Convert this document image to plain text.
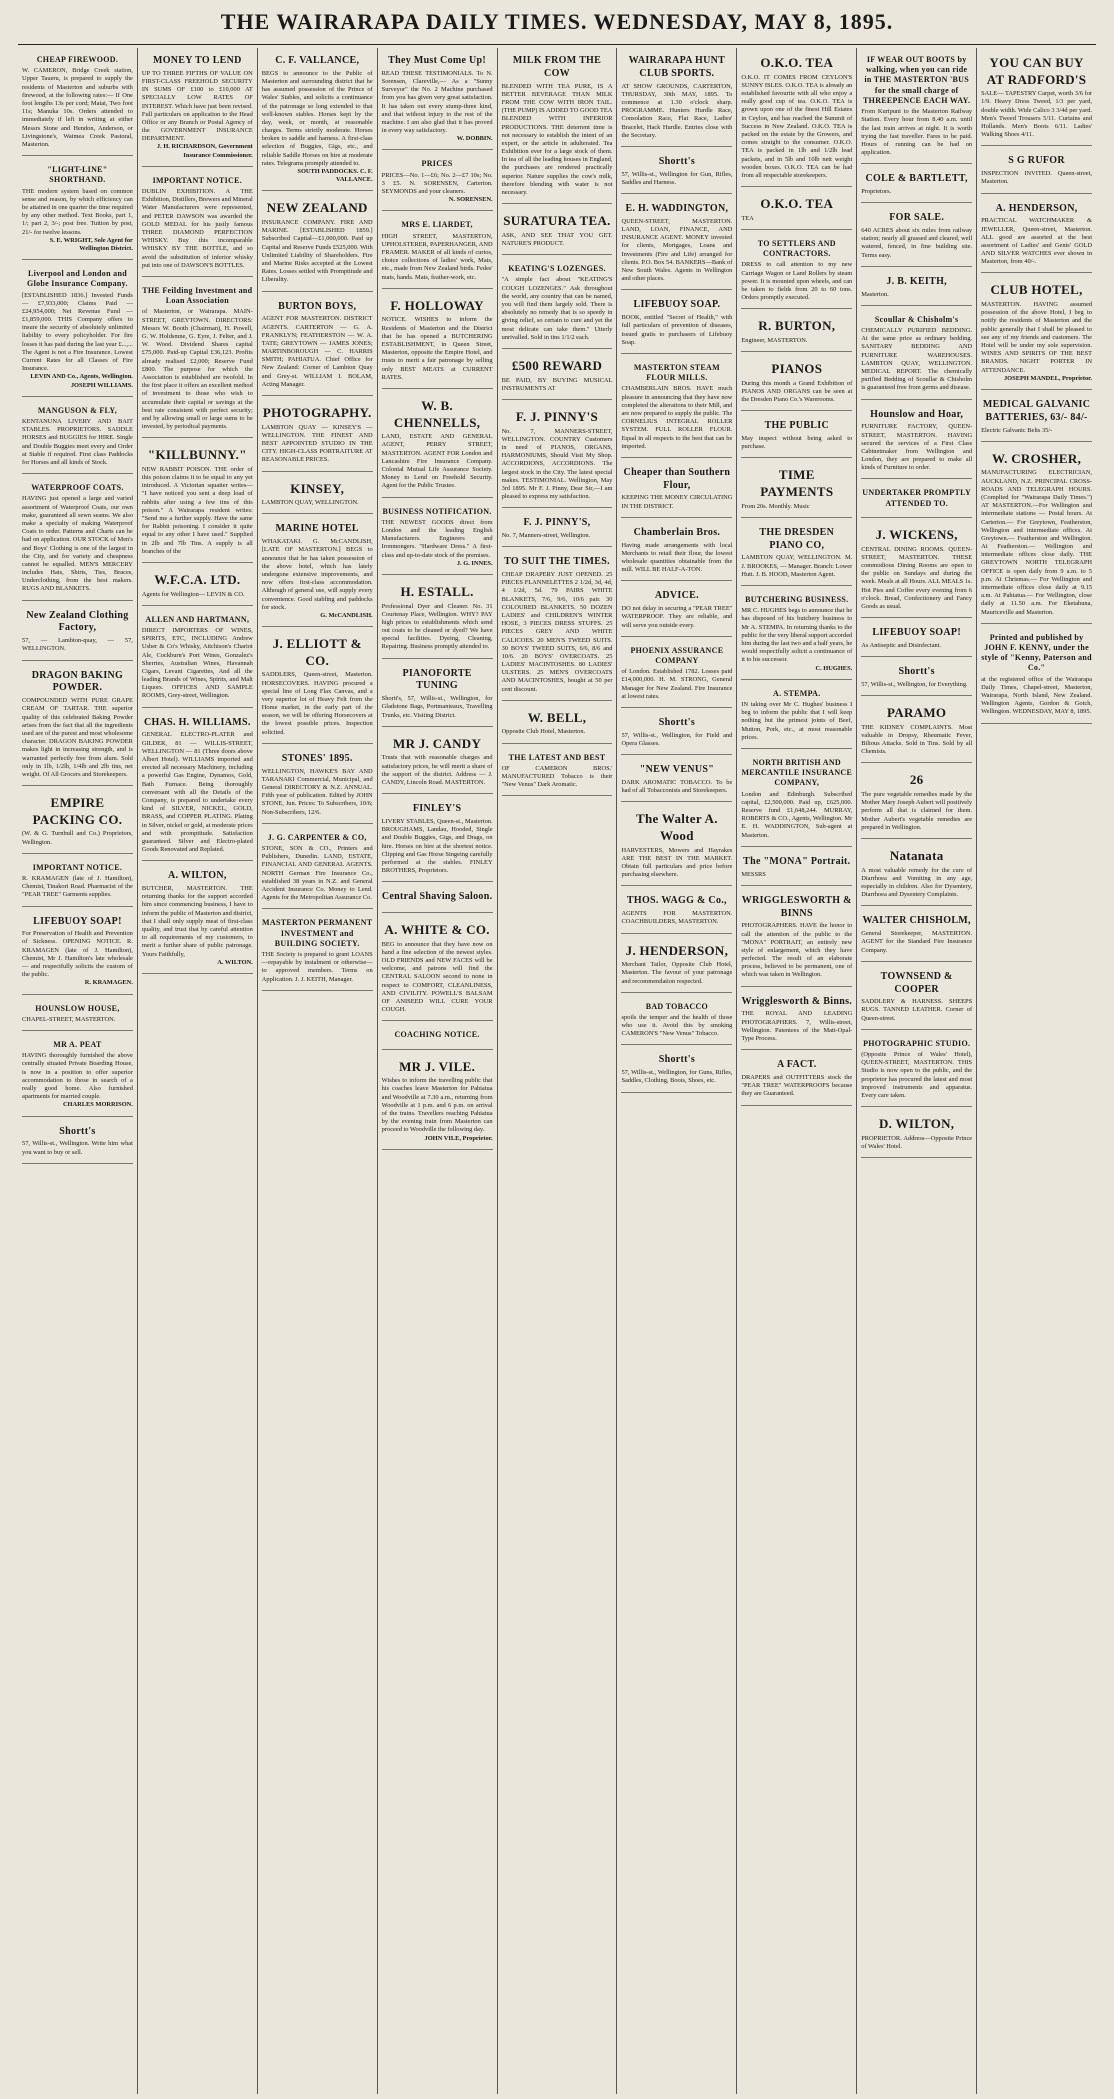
THE WAIRARAPA DAILY TIMES. WEDNESDAY, MAY 8, 1895.
CHEAP FIREWOOD.
W. CAMERON, Bridge Creek station, Upper Taueru, is prepared to supply the residents of Masterton and suburbs with firewood, at the following rates:— If One foot lengths 13s per cord; Matai, Two foot 11s; Manuka 10s. Orders attended to immediately if left in writing at either Messrs Stone and Hendon, Anderson, or Livingstone's, Waimea Creek Pastoral, Masterton.
"LIGHT-LINE" SHORTHAND.
THE modern system based on common sense and reason, by which efficiency can be attained in one quarter the time required by any other method. Text Books, part 1, 1/; part 2, 3/-; post free. Tuition by post, 21/- for twelve lessons.
S. E. WRIGHT, Sole Agent for Wellington District.
Liverpool and London and Globe Insurance Company.
[ESTABLISHED 1836.] Invested Funds — £7,933,000; Claims Paid — £24,954,000; Net Revenue Fund — £1,859,000. THIS Company offers to insure the security of absolutely unlimited liability to every policyholder. For fire losses it has paid during the last year £...,... The Agent is not a Fire Insurance. Lowest Current Rates for all Classes of Fire Insurance.
LEVIN AND Co., Agents, Wellington. JOSEPH WILLIAMS.
MANGUSON & FLY,
KENTANUNA LIVERY AND BAIT STABLES. PROPRIETORS. SADDLE HORSES and BUGGIES for HIRE. Single and Double Buggies meet every and Order at Stable if required. First class Paddocks for Horses and all kinds of Stock.
WATERPROOF COATS.
HAVING just opened a large and varied assortment of Waterproof Coats, our own make, guaranteed all sewn seams. We also make a specialty of making Waterproof Coats to order. Patterns and Charts can be had on application. OUR STOCK of Men's and Boys' Clothing is one of the largest in the City, and for variety and cheapness cannot be equalled. MEN'S MERCERY includes Hats, Shirts, Ties, Braces, Underclothing, from the best makers. RUGS AND BLANKETS.
New Zealand Clothing Factory,
57, — Lambton-quay, — 57, WELLINGTON.
DRAGON BAKING POWDER.
COMPOUNDED WITH PURE GRAPE CREAM OF TARTAR. THE superior quality of this celebrated Baking Powder arises from the fact that all the ingredients used are of the purest and most wholesome character. DRAGON BAKING POWDER makes light in increasing strength, and is warranted perfectly free from alum. Sold only in 1lb, 1/2lb, 1/4lb and 2lb tins, net weight. Of All Grocers and Storekeepers.
EMPIRE PACKING CO.
(W. & G. Turnbull and Co.) Proprietors, Wellington.
IMPORTANT NOTICE.
R. KRAMAGEN (late of J. Hamilton), Chemist, Tinakori Road. Pharmacist of the "PEAR TREE" Garments supplies.
LIFEBUOY SOAP!
For Preservation of Health and Prevention of Sickness. OPENING NOTICE. R. KRAMAGEN (late of J. Hamilton), Chemist, Mr J. Hamilton's late wholesale — and respectfully solicits the custom of the public.
R. KRAMAGEN.
HOUNSLOW HOUSE,
CHAPEL-STREET, MASTERTON.
MR A. PEAT
HAVING thoroughly furnished the above centrally situated Private Boarding House, is now in a position to offer superior accommodation to those in search of a really good home. Also furnished apartments for married couple.
CHARLES MORRISON.
Shortt's
57, Willis-st., Wellington. Write him what you want to buy or sell.
MONEY TO LEND
UP TO THREE FIFTHS OF VALUE ON FIRST-CLASS FREEHOLD SECURITY IN SUMS OF £100 to £10,000 AT SPECIALLY LOW RATES OF INTEREST. Which have just been revised. Full particulars on application to the Head Office or any Branch or Postal Agency of the GOVERNMENT INSURANCE DEPARTMENT.
J. H. RICHARDSON, Government Insurance Commissioner.
IMPORTANT NOTICE.
DUBLIN EXHIBITION. A THE Exhibition, Distillers, Brewers and Mineral Water Manufacturers were represented, and PETER DAWSON was awarded the GOLD MEDAL for his justly famous THREE DIAMOND PERFECTION WHISKY. Buy this incomparable WHISKY BY THE BOTTLE, and so avoid the substitution of inferior whisky put into one of DAWSON'S BOTTLES.
THE Feilding Investment and Loan Association
of Masterton, or Wairarapa. MAIN-STREET, GREYTOWN. DIRECTORS: Messrs W. Booth (Chairman), H. Powell, G. W. Holdsmne, G. Eyre, J. Felter, and J. W. Wood. Dividend Shares capital £75,000. Paid-up Capital £36,123. Profits already realised £2,000; Reserve Fund £800. The purpose for which the Association is established are twofold. In the first place it offers an excellent method of investment to those who wish to accumulate their capital or savings at the best rate consistent with perfect security; and by allowing small or large sums to be invested, by periodical payments.
"KILLBUNNY."
NEW RABBIT POISON. THE order of this poison claims it to be equal to any yet introduced. A Victorian squatter writes— "I have noticed you sent a deep load of rabbits after using a few tins of this poison." A Wairarapa resident writes: "Send me a further supply. Have the same for Rabbit poisoning. I consider it quite equal to any other I have used." Supplied in 2lb and 7lb Tins. A supply is all branches of the
W.F.C.A. LTD.
Agents for Wellington— LEVIN & CO.
ALLEN AND HARTMANN,
DIRECT IMPORTERS OF WINES, SPIRITS, ETC, INCLUDING Andrew Usher & Co's Whisky, Aitchison's Chariot Ale, Cockburn's Port Wines, Gonzalez's Sherries, Australian Wines, Havannah Cigars, Levant Cigarettes, And all the leading Brands of Wines, Spirits, and Malt Liquors. OFFICES AND SAMPLE ROOMS, Grey-street, Wellington.
CHAS. H. WILLIAMS.
GENERAL ELECTRO-PLATER and GILDER, 81 — WILLIS-STREET, WELLINGTON — 81 (Three doors above Albert Hotel). WILLIAMS imported and erected all necessary Machinery, including a powerful Gas Engine, Dynamos, Gold, Bath Furnace. Being thoroughly conversant with all the Details of the Company, is prepared to undertake every kind of SILVER, NICKEL, GOLD, BRASS, and COPPER PLATING. Plating in Silver, nickel or gold, at moderate prices and with promptitude. Satisfaction guaranteed. Silver and Electro-plated Goods Renovated and Replated.
A. WILTON,
BUTCHER, MASTERTON. THE returning thanks for the support accorded him since commencing business, I have to inform the public of Masterton and district, that I shall only supply meat of first-class quality, and trust that by careful attention to all requirements of my customers, to merit a further share of public patronage. Yours Faithfully,
A. WILTON.
C. F. VALLANCE,
BEGS to announce to the Public of Masterton and surrounding district that he has assumed possession of the Prince of Wales' Stables, and solicits a continuance of the patronage so long extended to that well-known stables. Horses kept by the day, week, or month, at reasonable charges. Terms strictly moderate. Horses broken to saddle and harness. A first-class selection of Buggies, Gigs, etc., and reliable Saddle Horses on hire at moderate rates. Telegrams promptly attended to.
SOUTH PADDOCKS. C. F. VALLANCE.
NEW ZEALAND
INSURANCE COMPANY. FIRE AND MARINE. [ESTABLISHED 1859.] Subscribed Capital—£1,000,000. Paid up Capital and Reserve Funds £525,000. With Unlimited Liability of Shareholders. Fire and Marine Risks accepted at the Lowest Rates. Losses settled with Promptitude and Liberality.
BURTON BOYS,
AGENT FOR MASTERTON. DISTRICT AGENTS. CARTERTON — G. A. FRANKLYN; FEATHERSTON — W. A. TATE; GREYTOWN — JAMES JONES; MARTINBOROUGH — C. HARRIS SMITH; PAHIATUA. Chief Office for New Zealand: Corner of Lambton Quay and Grey-st. WILLIAM I. BOLAM, Acting Manager.
PHOTOGRAPHY.
LAMBTON QUAY — KINSEY'S — WELLINGTON. THE FINEST AND BEST APPOINTED STUDIO IN THE CITY. HIGH-CLASS PORTRAITURE AT REASONABLE PRICES.
KINSEY,
LAMBTON QUAY, WELLINGTON.
MARINE HOTEL
WHAKATAKI. G. McCANDLISH, [LATE OF MASTERTON.] BEGS to announce that he has taken possession of the above hotel, which has lately undergone extensive improvements, and now offers first-class accommodation. Although of general use, will supply every convenience. Good stabling and paddocks for stock.
G. McCANDLISH.
J. ELLIOTT & CO.
SADDLERS, Queen-street, Masterton. HORSECOVERS. HAVING procured a special line of Long Flax Canvas, and a very superior lot of Heavy Felt from the Home market, in the early part of the season, we will be offering Horsecovers at the lowest possible prices. Inspection solicited.
STONES' 1895.
WELLINGTON, HAWKE'S BAY AND TARANAKI Commercial, Municipal, and General DIRECTORY & N.Z. ANNUAL. Fifth year of publication. Edited by JOHN STONE, Jun. Prices: To Subscribers, 10/6; Non-Subscribers, 12/6.
J. G. CARPENTER & CO,
STONE, SON & CO., Printers and Publishers, Dunedin. LAND, ESTATE, FINANCIAL AND GENERAL AGENTS. NORTH German Fire Insurance Co., established 38 years in N.Z. and General Accident Insurance Co. Money to Lend. Agents for the Metropolitan Assurance Co.
MASTERTON PERMANENT INVESTMENT and BUILDING SOCIETY.
THE Society is prepared to grant LOANS—repayable by instalment or otherwise—to approved members. Terms on Application. J. J. KEITH, Manager.
They Must Come Up!
READ THESE TESTIMONIALS. To N. Sorensen, Clareville,— As a "Sunny Surveyor" the No. 2 Machine purchased from you has given very great satisfaction. It has taken out every stump-three kind, and that without injury to the rest of the machine. I am also glad that it has proved in every way satisfactory.
W. DOBBIN.
PRICES
PRICES—No. 1—£6; No. 2—£7 10s; No. 3 £5. N. SORENSEN, Carterton. SEYMONDS and your cleaners.
N. SORENSEN.
MRS E. LIARDET,
HIGH STREET, MASTERTON, UPHOLSTERER, PAPERHANGER, AND FRAMER. MAKER of all kinds of curios, choice collections of ladies' work, Mats, etc., made from New Zealand birds. Fedes' mats, hands. Mats, feather-work, etc.
F. HOLLOWAY
NOTICE. WISHES to inform the Residents of Masterton and the District that he has opened a BUTCHERING ESTABLISHMENT, in Queen Street, Masterton, opposite the Empire Hotel, and trusts to merit a fair patronage by selling only BEST MEATS at CURRENT RATES.
W. B. CHENNELLS,
LAND, ESTATE AND GENERAL AGENT, PERRY STREET, MASTERTON. AGENT FOR London and Lancashire Fire Insurance Company. Colonial Mutual Life Assurance Society. Money to Lend on Freehold Security. Agent for the Public Trustee.
BUSINESS NOTIFICATION.
THE NEWEST GOODS direct from London and the leading English Manufacturers. Engineers and Ironmongers. "Hardware Dress." A first-class and up-to-date stock of the premises.
J. G. INNES.
H. ESTALL.
Professional Dyer and Cleaner. No. 31 Courtenay Place, Wellington. WHY? PAY high prices to establishments which send out coats to be cleaned or dyed? We have special facilities. Dyeing, Cleaning, Repairing. Business promptly attended to.
PIANOFORTE TUNING
Shortt's, 57, Willis-st., Wellington, for Gladstone Bags, Portmanteaux, Travelling Trunks, etc. Visiting District.
MR J. CANDY
Trusts that with reasonable charges and satisfactory prices, he will merit a share of the support of the district. Address — J. CANDY, Lincoln Road. MASTERTON.
FINLEY'S
LIVERY STABLES, Queen-st., Masterton. BROUGHAMS, Landau, Hooded, Single and Double Buggies, Gigs, and Drags, on hire. Horses on hire at the shortest notice. Clipping and Gas Horse Singeing carefully performed at the stables. FINLEY BROTHERS, Proprietors.
Central Shaving Saloon.
A. WHITE & CO.
BEG to announce that they have now on hand a fine selection of the newest styles. OLD FRIENDS and NEW FACES will be welcome, and patrons will find the CENTRAL SALOON second to none in respect to COMFORT, CLEANLINESS, AND CIVILITY. POWELL'S BALSAM OF ANISEED WILL CURE YOUR COUGH.
COACHING NOTICE.
MR J. VILE.
Wishes to inform the travelling public that his coaches leave Masterton for Pahiatua and Woodville at 7.30 a.m., returning from Woodville at 1 p.m. and 6 p.m. on arrival of the trains. Travellers reaching Pahiatua by the evening train from Masterton can proceed to Woodville the following day.
JOHN VILE, Proprietor.
MILK FROM THE COW
BLENDED WITH TEA PURE, IS A BETTER BEVERAGE THAN MILK FROM THE COW WITH IRON TAIL. (THE PUMP) IS ADDED TO GOOD TEA BLENDED WITH INFERIOR PRODUCTIONS. THE deterrent time is not necessary to establish the intent of an expert, or the article in adulterated. Tea Exhibition ever for a large stock of them. In tea of all the leading houses in England, the purchases are rendered practically superior. Nature supplies the cow's milk, therefore blending with water is not necessary.
SURATURA TEA.
ASK, AND SEE THAT YOU GET. NATURE'S PRODUCT.
KEATING'S LOZENGES.
"A simple fact about "KEATING'S COUGH LOZENGES." Ask throughout the world, any country that can be named, you will find them largely sold. There is absolutely no remedy that is so speedy in giving relief, so certain to cure and yet the most delicate can take them." Utterly unrivalled. Sold in tins 1/1/2 each.
£500 REWARD
BE PAID, BY BUYING MUSICAL INSTRUMENTS AT
F. J. PINNY'S
No. 7, MANNERS-STREET, WELLINGTON. COUNTRY Customers in need of PIANOS, ORGANS, HARMONIUMS, Should Visit My Shop. ACCORDIONS, ACCORDIONS. The largest stock in the City. The latest special makes. TESTIMONIAL. Wellington, May 3rd 1895. Mr F. J. Pinny, Dear Sir,—I am pleased to express my satisfaction.
F. J. PINNY'S,
No. 7, Manners-street, Wellington.
TO SUIT THE TIMES.
CHEAP DRAPERY JUST OPENED. 25 PIECES FLANNELETTES 2 1/2d, 3d, 4d, 4 1/2d, 5d. 79 PAIRS WHITE BLANKETS, 7/6, 9/6, 10/6 pair. 30 COLOURED BLANKETS. 50 DOZEN LADIES' and CHILDREN'S WINTER HOSE, 3 PIECES DRESS STUFFS. 25 PIECES GREY AND WHITE CALICOES. 20 MEN'S TWEED SUITS. 30 BOYS' TWEED SUITS, 6/6, 8/6 and 10/6. 20 BOYS' OVERCOATS. 25 LADIES' MACINTOSHES. 80 LADIES' ULSTERS. 25 MEN'S OVERCOATS AND MACINTOSHES, bought at 50 per cent discount.
W. BELL,
Opposite Club Hotel, Masterton.
THE LATEST AND BEST
OF CAMERON BROS.' MANUFACTURED Tobacco is their "New Venus" Dark Aromatic.
WAIRARAPA HUNT CLUB SPORTS.
AT SHOW GROUNDS, CARTERTON, THURSDAY, 30th MAY, 1895. To commence at 1.30 o'clock sharp. PROGRAMME. Hunters Hurdle Race, Consolation Race, Flat Race, Ladies' Bracelet, Hack Hurdle. Entries close with the Secretary.
Shortt's
57, Willis-st., Wellington for Gun, Rifles, Saddles and Harness.
E. H. WADDINGTON,
QUEEN-STREET, MASTERTON. LAND, LOAN, FINANCE, AND INSURANCE AGENT. MONEY invested for clients, Mortgages, Loans and Investments (Fire and Life) arranged for clients. P.O. Box 54. BANKERS—Bank of New South Wales. Agents in Wellington and other places.
LIFEBUOY SOAP.
BOOK, entitled "Secret of Health," with full particulars of prevention of diseases, issued gratis to purchasers of Lifebuoy Soap.
MASTERTON STEAM FLOUR MILLS.
CHAMBERLAIN BROS. HAVE much pleasure in announcing that they have now completed the alterations to their Mill, and are now prepared to supply the public. The CORNELIUS INTEGRAL ROLLER SYSTEM. FULL ROLLER FLOUR. Equal in all respects to the best that can be imported.
Cheaper than Southern Flour,
KEEPING THE MONEY CIRCULATING IN THE DISTRICT.
Chamberlain Bros.
Having made arrangements with local Merchants to retail their flour, the lowest wholesale quantities obtainable from the mill. WILL BE HALF-A-TON.
ADVICE.
DO not delay in securing a "PEAR TREE" WATERPROOF. They are reliable, and will serve you outside every.
PHOENIX ASSURANCE COMPANY
of London. Established 1782. Losses paid £14,000,000. H. M. STRONG, General Manager for New Zealand. Fire Insurance at lowest rates.
Shortt's
57, Willis-st., Wellington, for Field and Opera Glasses.
"NEW VENUS"
DARK AROMATIC TOBACCO. To be had of all Tobacconists and Storekeepers.
The Walter A. Wood
HARVESTERS, Mowers and Hayrakes ARE THE BEST IN THE MARKET. Obtain full particulars and price before purchasing elsewhere.
THOS. WAGG & Co.,
AGENTS FOR MASTERTON. COACHBUILDERS, MASTERTON.
J. HENDERSON,
Merchant Tailor, Opposite Club Hotel, Masterton. The favour of your patronage and recommendation respected.
BAD TOBACCO
spoils the temper and the health of those who use it. Avoid this by smoking CAMERON'S "New Venus" Tobacco.
Shortt's
57, Willis-st., Wellington, for Guns, Rifles, Saddles, Clothing, Boots, Shoes, etc.
O.K.O. TEA
O.K.O. IT COMES FROM CEYLON'S SUNNY ISLES. O.K.O. TEA is already an established favourite with all who enjoy a really good cup of tea. O.K.O. TEA is grown upon one of the finest Hill Estates in Ceylon, and has reached the Summit of Success in New Zealand. O.K.O. TEA is packed on the estate by the Growers, and comes straight to the consumer. O.K.O. TEA is packed in 1lb and 1/2lb lead packets, and in 5lb and 10lb nett weight wooden boxes. O.K.O. TEA can be had from all respectable storekeepers.
O.K.O. TEA
TEA
TO SETTLERS AND CONTRACTORS.
DRESS to call attention to my new Carriage Wagon or Land Rollers by steam power. It is mounted upon wheels, and can be taken to fields from 20 to 60 tons. Orders promptly executed.
R. BURTON,
Engineer, MASTERTON.
PIANOS
During this month a Grand Exhibition of PIANOS AND ORGANS can be seen at the Dresden Piano Co.'s Warerooms.
THE PUBLIC
May inspect without being asked to purchase.
TIME PAYMENTS
From 20s. Monthly. Music
THE DRESDEN PIANO CO,
LAMBTON QUAY, WELLINGTON. M. J. BROOKES, — Manager. Branch: Lower Hutt. J. B. HOOD, Masterton Agent.
BUTCHERING BUSINESS.
MR C. HUGHES begs to announce that he has disposed of his butchery business to Mr A. STEMPA. In returning thanks to the public for the very liberal support accorded him during the last two and a half years, he would respectfully solicit a continuance of it to his successor.
C. HUGHES.
A. STEMPA.
IN taking over Mr C. Hughes' business I beg to inform the public that I will keep nothing but the primest joints of Beef, Mutton, Pork, etc., at most reasonable prices.
NORTH BRITISH AND MERCANTILE INSURANCE COMPANY,
London and Edinburgh. Subscribed capital, £2,500,000. Paid up, £625,000. Reserve fund £1,648,244. MURRAY, ROBERTS & CO., Agents, Wellington. Mr E. H. WADDINGTON, Sub-agent at Masterton.
The "MONA" Portrait.
MESSRS
WRIGGLESWORTH & BINNS
PHOTOGRAPHERS. HAVE the honor to call the attention of the public to the "MONA" PORTRAIT, an entirely new style of enlargement, which they have perfected. The result of an elaborate process, believed to be permanent, one of which was taken in Wellington.
Wrigglesworth & Binns.
THE ROYAL AND LEADING PHOTOGRAPHERS. 7, Willis-street, Wellington. Patentees of the Matt-Opal-Type Process.
A FACT.
DRAPERS and OUTFITTERS stock the "PEAR TREE" WATERPROOFS because they are Guaranteed.
IF WEAR OUT BOOTS by walking, when you can ride in THE MASTERTON 'BUS for the small charge of THREEPENCE EACH WAY.
From Kuripuni to the Masterton Railway Station. Every hour from 8.40 a.m. until the last train arrives at night. It is worth trying the fast traveller. Fares to be paid. Hours of running can be had on application.
COLE & BARTLETT,
Proprietors.
FOR SALE.
640 ACRES about six miles from railway station; nearly all grassed and cleared, well watered, fenced, in fine building site. Terms easy.
J. B. KEITH,
Masterton.
Scoullar & Chisholm's
CHEMICALLY PURIFIED BEDDING. At the same price as ordinary bedding. SANITARY BEDDING AND FURNITURE WAREHOUSES. LAMBTON QUAY, WELLINGTON. MEDICAL REPORT. The chemically purified Bedding of Scoullar & Chisholm is guaranteed free from germs and disease.
Hounslow and Hoar,
FURNITURE FACTORY, QUEEN-STREET, MASTERTON. HAVING secured the services of a First Class Cabinetmaker from Wellington and London, they are prepared to make all kinds of Furniture to order.
UNDERTAKER PROMPTLY ATTENDED TO.
J. WICKENS,
CENTRAL DINING ROOMS. QUEEN-STREET, MASTERTON. THESE commodious Dining Rooms are open to the public on Sundays and during the week. Meals at all Hours. ALL MEALS 1s. Hot Pies and Coffee every evening from 6 o'clock. Bread, Confectionery and Fancy Goods as usual.
LIFEBUOY SOAP!
As Antiseptic and Disinfectant.
Shortt's
57, Willis-st., Wellington, for Everything.
PARAMO
THE KIDNEY COMPLAINTS. Most valuable in Dropsy, Rheumatic Fever, Bilious Attacks. Sold in Tins. Sold by all Chemists.
26
The pure vegetable remedies made by the Mother Mary Joseph Aubert will positively perform all that is claimed for them. Mother Aubert's vegetable remedies are prepared in Wellington.
Natanata
A most valuable remedy for the cure of Diarrhoea and Vomiting in any age, especially in children. Also for Dysentery, Diarrhoea and Dysentery Complaints.
WALTER CHISHOLM,
General Storekeeper, MASTERTON. AGENT for the Standard Fire Insurance Company.
TOWNSEND & COOPER
SADDLERY & HARNESS. SHEEPS RUGS. TANNED LEATHER. Corner of Queen-street.
PHOTOGRAPHIC STUDIO.
(Opposite Prince of Wales' Hotel), QUEEN-STREET, MASTERTON. THIS Studio is now open to the public, and the proprietor has procured the latest and most improved instruments and apparatus. Every care taken.
D. WILTON,
PROPRIETOR. Address—Opposite Prince of Wales' Hotel.
YOU CAN BUY AT RADFORD'S
SALE— TAPESTRY Carpet, worth 3/6 for 1/9. Heavy Dress Tweed, 1/3 per yard, double width. Wide Calico 3 3/4d per yard. Men's Tweed Trousers 5/11. Curtains and Hollands. Men's Boots 6/11. Ladies' Walking Shoes 4/11.
S G RUFOR
INSPECTION INVITED. Queen-street, Masterton.
A. HENDERSON,
PRACTICAL WATCHMAKER & JEWELLER, Queen-street, Masterton. ALL good are assorted at the best assortment of Ladies' and Gents' GOLD AND SILVER WATCHES ever shown in Masterton, from 40/-.
CLUB HOTEL,
MASTERTON. HAVING assumed possession of the above Hotel, I beg to notify the residents of Masterton and the public generally that I shall be pleased to see any of my friends and customers. The Hotel will be under my sole supervision. WINES AND SPIRITS OF THE BEST BRANDS. NIGHT PORTER IN ATTENDANCE.
JOSEPH MANDEL, Proprietor.
MEDICAL GALVANIC BATTERIES, 63/- 84/-
Electric Galvanic Belts 35/-
W. CROSHER,
MANUFACTURING ELECTRICIAN, AUCKLAND, N.Z. PRINCIPAL CROSS-ROADS AND TELEGRAPH HOURS. (Complied for "Wairarapa Daily Times.") AT MASTERTON.—For Wellington and intermediate stations — Postal hours. At Carterton.— For Greytown, Featherston, Wellington and intermediate offices. At Greytown.— Featherston and Wellington. At Featherston.— Wellington and intermediate offices close daily. THE GREYTOWN NORTH TELEGRAPH OFFICE is open daily from 9 a.m. to 5 p.m. At Chrismas.— For Wellington and intermediate offices close daily at 9.15 a.m. At Pahiatua.— For Wellington, close daily at 11.50 a.m. For Eketahuna, Mauriceville and Masterton.
Printed and published by JOHN F. KENNY, under the style of "Kenny, Paterson and Co."
at the registered office of the Wairarapa Daily Times, Chapel-street, Masterton, Wairarapa, North Island, New Zealand. Wellington Agents, Gordon & Gotch, Wellington. WEDNESDAY, MAY 8, 1895.
